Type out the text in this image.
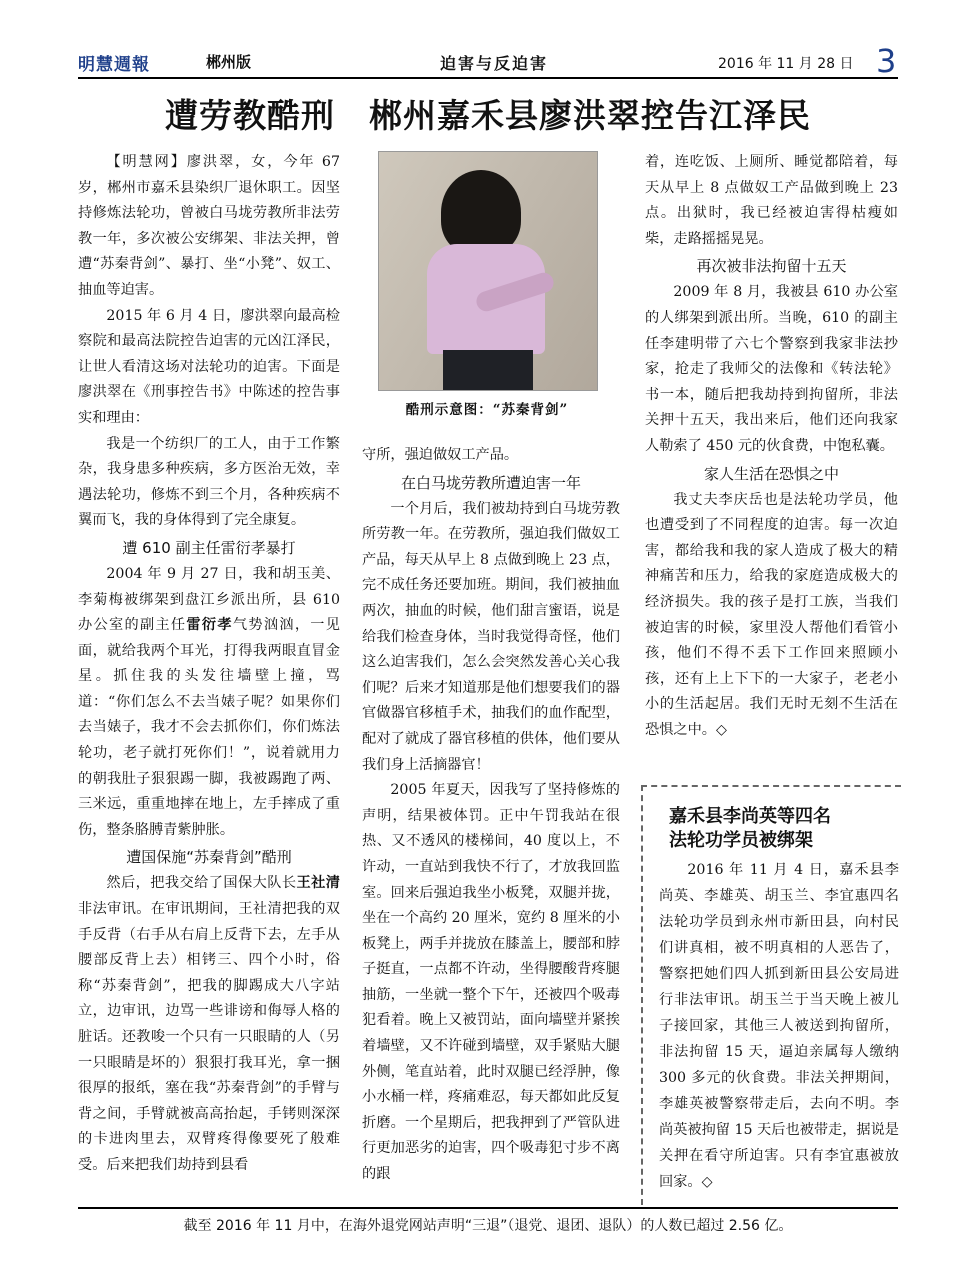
明慧週報	郴州版	迫害与反迫害	2016 年 11 月 28 日 3
遭劳教酷刑　郴州嘉禾县廖洪翠控告江泽民

【明慧网】廖洪翠，女，今年 67 岁，郴州市嘉禾县染织厂退休职工。因坚持修炼法轮功，曾被白马垅劳教所非法劳教一年，多次被公安绑架、非法关押，曾遭“苏秦背剑”、暴打、坐“小凳”、奴工、抽血等迫害。

2015 年 6 月 4 日，廖洪翠向最高检察院和最高法院控告迫害的元凶江泽民，让世人看清这场对法轮功的迫害。下面是廖洪翠在《刑事控告书》中陈述的控告事实和理由：

我是一个纺织厂的工人，由于工作繁杂，我身患多种疾病，多方医治无效，幸遇法轮功，修炼不到三个月，各种疾病不翼而飞，我的身体得到了完全康复。

遭 610 副主任雷衍孝暴打

2004 年 9 月 27 日，我和胡玉美、李菊梅被绑架到盘江乡派出所，县 610 办公室的副主任雷衍孝气势汹汹，一见面，就给我两个耳光，打得我两眼直冒金星。抓住我的头发往墙壁上撞，骂道：“你们怎么不去当婊子呢？如果你们去当婊子，我才不会去抓你们，你们炼法轮功，老子就打死你们！”，说着就用力的朝我肚子狠狠踢一脚，我被踢跑了两、三米远，重重地摔在地上，左手摔成了重伤，整条胳膊青紫肿胀。

遭国保施“苏秦背剑”酷刑

然后，把我交给了国保大队长王社清非法审讯。在审讯期间，王社清把我的双手反背（右手从右肩上反背下去，左手从腰部反背上去）相铐三、四个小时，俗称“苏秦背剑”，把我的脚踢成大八字站立，边审讯，边骂一些诽谤和侮辱人格的脏话。还教唆一个只有一只眼睛的人（另一只眼睛是坏的）狠狠打我耳光，拿一捆很厚的报纸，塞在我“苏秦背剑”的手臂与背之间，手臂就被高高抬起，手铐则深深的卡进肉里去，双臂疼得像要死了般难受。后来把我们劫持到县看

酷刑示意图：“苏秦背剑”

守所，强迫做奴工产品。

在白马垅劳教所遭迫害一年

一个月后，我们被劫持到白马垅劳教所劳教一年。在劳教所，强迫我们做奴工产品，每天从早上 8 点做到晚上 23 点，完不成任务还要加班。期间，我们被抽血两次，抽血的时候，他们甜言蜜语，说是给我们检查身体，当时我觉得奇怪，他们这么迫害我们，怎么会突然发善心关心我们呢？后来才知道那是他们想要我们的器官做器官移植手术，抽我们的血作配型，配对了就成了器官移植的供体，他们要从我们身上活摘器官！

2005 年夏天，因我写了坚持修炼的声明，结果被体罚。正中午罚我站在很热、又不透风的楼梯间，40 度以上，不许动，一直站到我快不行了，才放我回监室。回来后强迫我坐小板凳，双腿并拢，坐在一个高约 20 厘米，宽约 8 厘米的小板凳上，两手并拢放在膝盖上，腰部和脖子挺直，一点都不许动，坐得腰酸背疼腿抽筋，一坐就一整个下午，还被四个吸毒犯看着。晚上又被罚站，面向墙壁并紧挨着墙壁，又不许碰到墙壁，双手紧贴大腿外侧，笔直站着，此时双腿已经浮肿，像小水桶一样，疼痛难忍，每天都如此反复折磨。一个星期后，把我押到了严管队进行更加恶劣的迫害，四个吸毒犯寸步不离的跟

着，连吃饭、上厕所、睡觉都陪着，每天从早上 8 点做奴工产品做到晚上 23 点。出狱时，我已经被迫害得枯瘦如柴，走路摇摇晃晃。

再次被非法拘留十五天

2009 年 8 月，我被县 610 办公室的人绑架到派出所。当晚，610 的副主任李建明带了六七个警察到我家非法抄家，抢走了我师父的法像和《转法轮》书一本，随后把我劫持到拘留所，非法关押十五天，我出来后，他们还向我家人勒索了 450 元的伙食费，中饱私囊。

家人生活在恐惧之中

我丈夫李庆岳也是法轮功学员，他也遭受到了不同程度的迫害。每一次迫害，都给我和我的家人造成了极大的精神痛苦和压力，给我的家庭造成极大的经济损失。我的孩子是打工族，当我们被迫害的时候，家里没人帮他们看管小孩，他们不得不丢下工作回来照顾小孩，还有上上下下的一大家子，老老小小的生活起居。我们无时无刻不生活在恐惧之中。◇

嘉禾县李尚英等四名
法轮功学员被绑架

2016 年 11 月 4 日，嘉禾县李尚英、李雄英、胡玉兰、李宜惠四名法轮功学员到永州市新田县，向村民们讲真相，被不明真相的人恶告了，警察把她们四人抓到新田县公安局进行非法审讯。胡玉兰于当天晚上被儿子接回家，其他三人被送到拘留所，非法拘留 15 天，逼迫亲属每人缴纳 300 多元的伙食费。非法关押期间，李雄英被警察带走后，去向不明。李尚英被拘留 15 天后也被带走，据说是关押在看守所迫害。只有李宜惠被放回家。◇

截至 2016 年 11 月中，在海外退党网站声明“三退”（退党、退团、退队）的人数已超过 2.56 亿。
